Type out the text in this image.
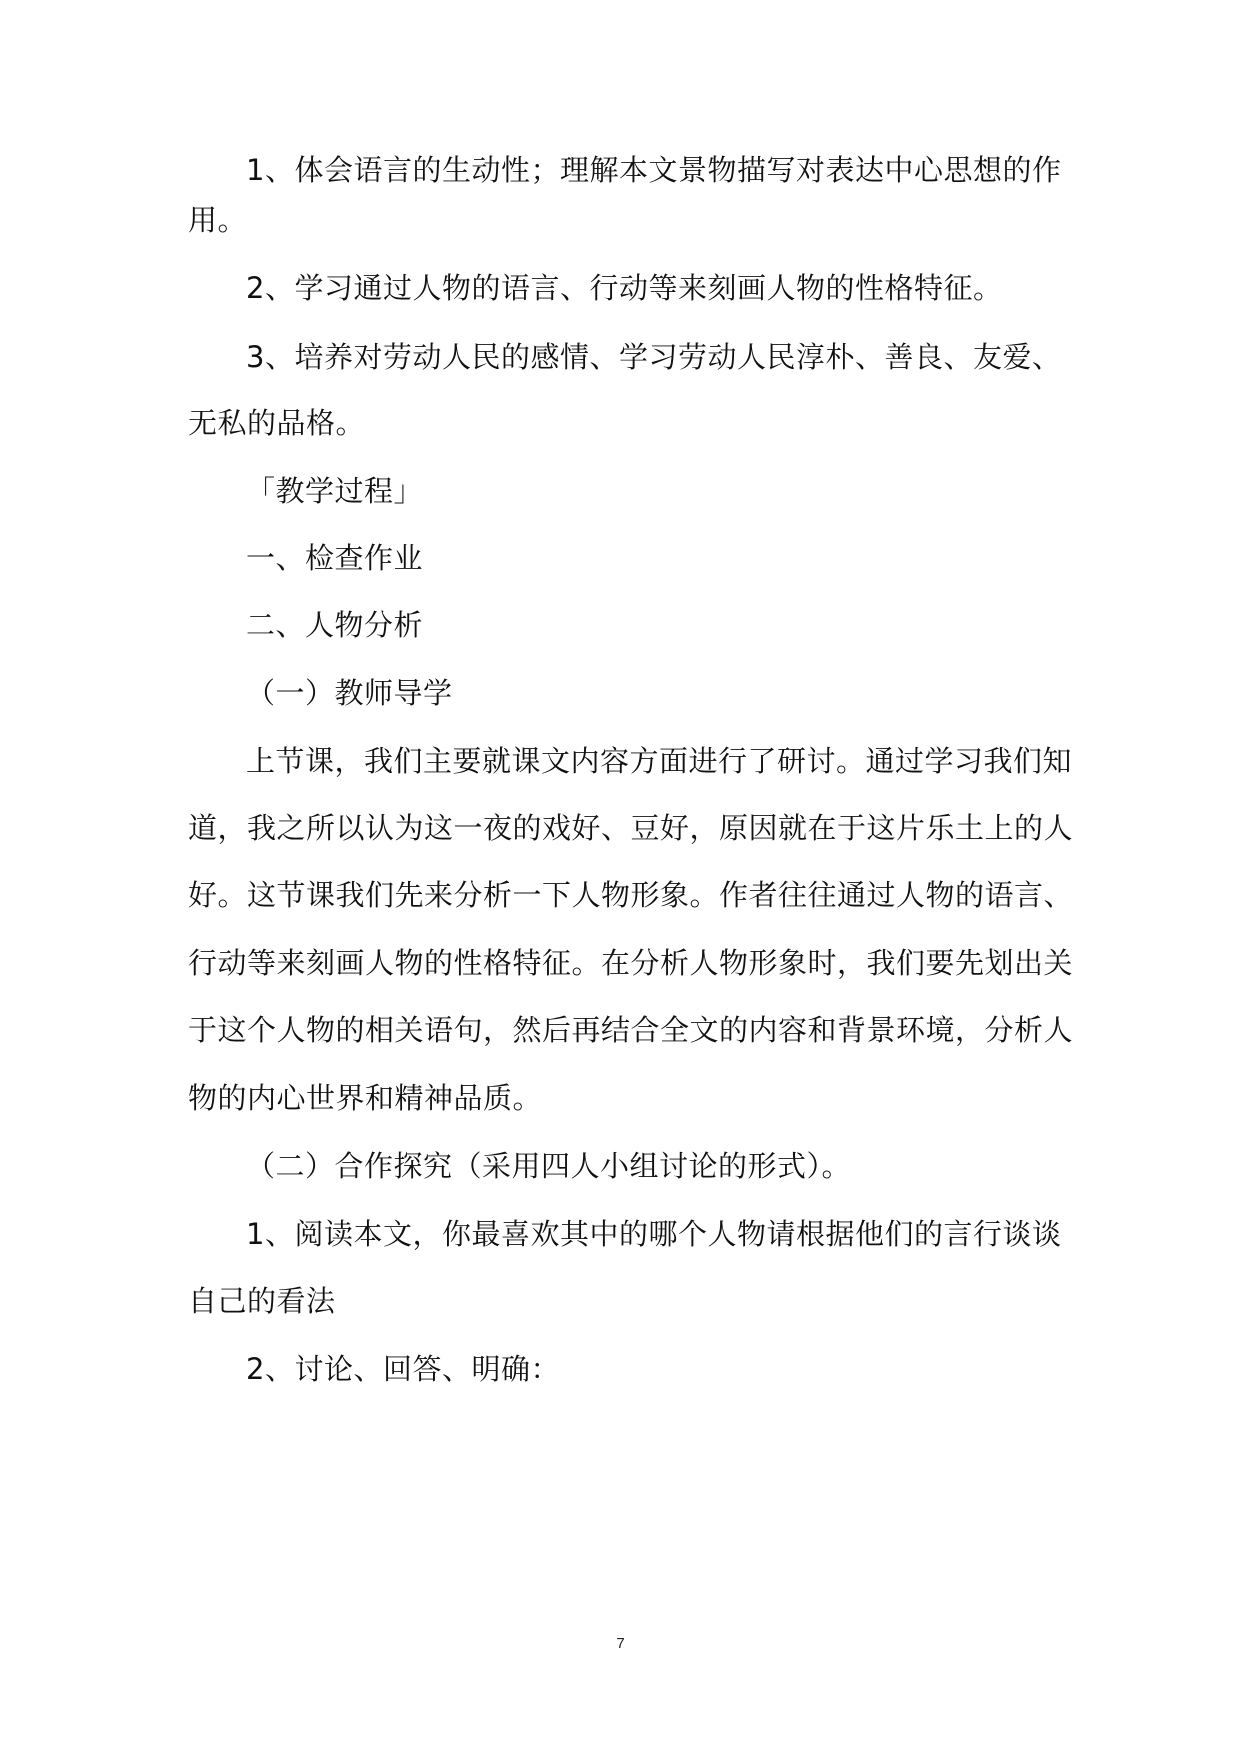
1、体会语言的生动性；理解本文景物描写对表达中心思想的作
用。
2、学习通过人物的语言、行动等来刻画人物的性格特征。
3、培养对劳动人民的感情、学习劳动人民淳朴、善良、友爱、
无私的品格。
「教学过程」
一、检查作业
二、人物分析
（一）教师导学
上节课，我们主要就课文内容方面进行了研讨。通过学习我们知
道，我之所以认为这一夜的戏好、豆好，原因就在于这片乐土上的人
好。这节课我们先来分析一下人物形象。作者往往通过人物的语言、
行动等来刻画人物的性格特征。在分析人物形象时，我们要先划出关
于这个人物的相关语句，然后再结合全文的内容和背景环境，分析人
物的内心世界和精神品质。
（二）合作探究（采用四人小组讨论的形式）。
1、阅读本文，你最喜欢其中的哪个人物请根据他们的言行谈谈
自己的看法
2、讨论、回答、明确：
7
